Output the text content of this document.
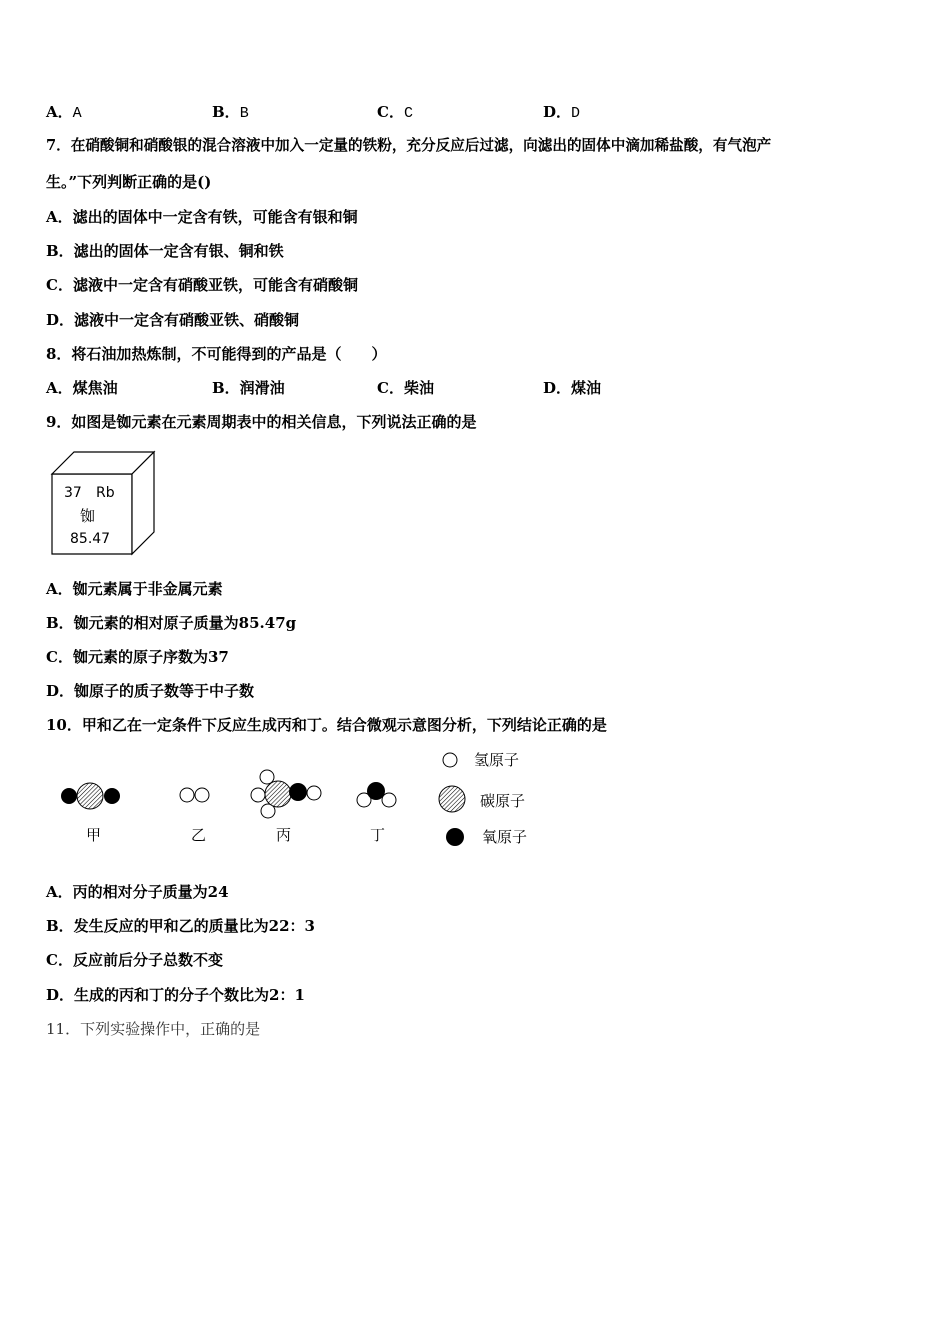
A．A	B．B	C．C	D．D
7．在硝酸铜和硝酸银的混合溶液中加入一定量的铁粉，充分反应后过滤，向滤出的固体中滴加稀盐酸，有气泡产
生。”下列判断正确的是()
A．滤出的固体中一定含有铁，可能含有银和铜
B．滤出的固体一定含有银、铜和铁
C．滤液中一定含有硝酸亚铁，可能含有硝酸铜
D．滤液中一定含有硝酸亚铁、硝酸铜
8．将石油加热炼制，不可能得到的产品是（　　）
A．煤焦油	B．润滑油	C．柴油	D．煤油
9．如图是铷元素在元素周期表中的相关信息，下列说法正确的是
37 Rb
铷
85.47
A．铷元素属于非金属元素
B．铷元素的相对原子质量为85.47g
C．铷元素的原子序数为37
D．铷原子的质子数等于中子数
10．甲和乙在一定条件下反应生成丙和丁。结合微观示意图分析，下列结论正确的是
甲	乙	丙	丁
氢原子
碳原子
氧原子
A．丙的相对分子质量为24
B．发生反应的甲和乙的质量比为22：3
C．反应前后分子总数不变
D．生成的丙和丁的分子个数比为2：1
11．下列实验操作中，正确的是
